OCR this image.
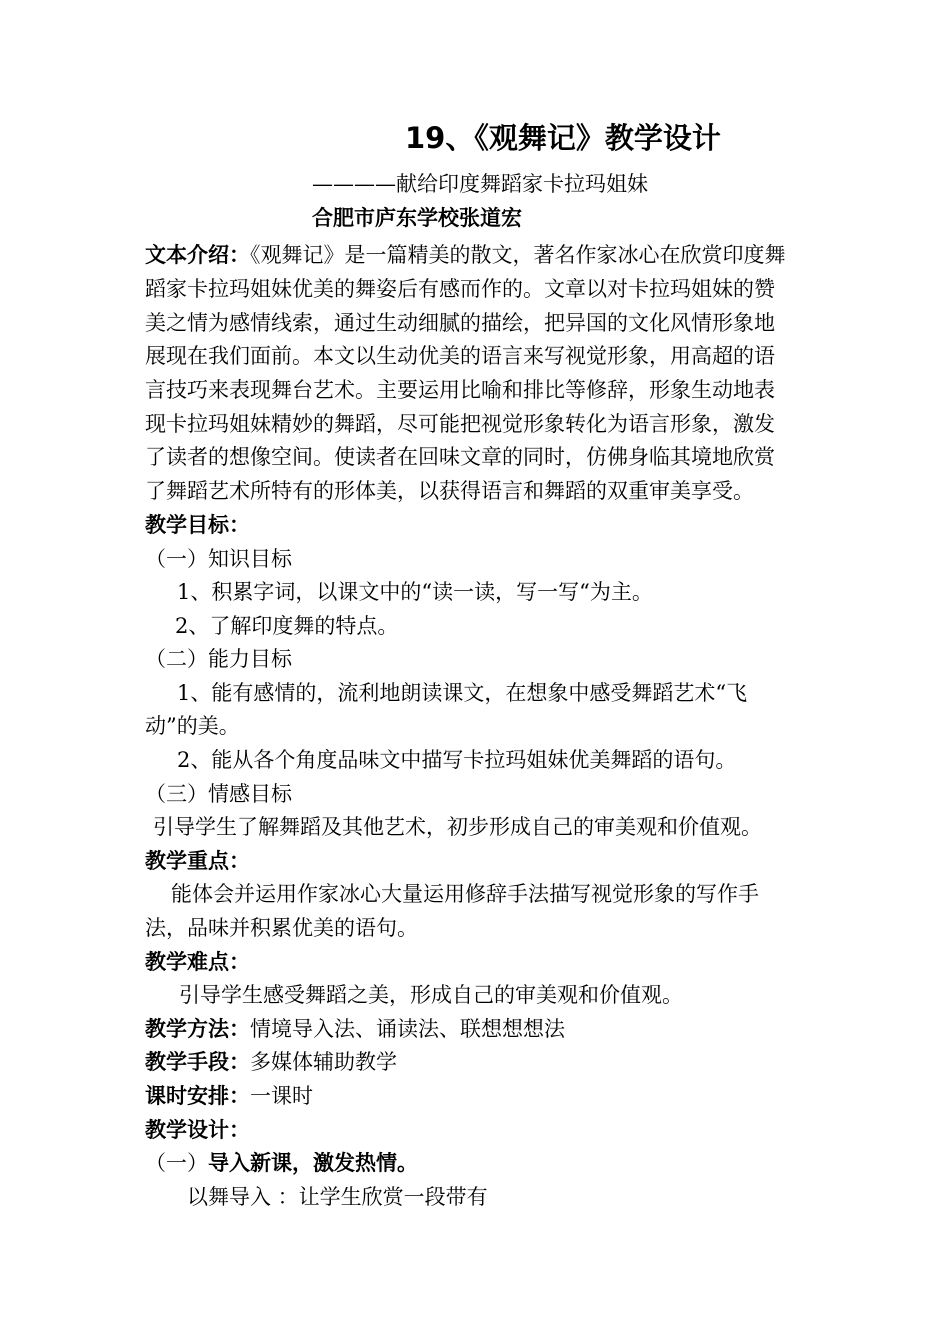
19、《观舞记》教学设计
————献给印度舞蹈家卡拉玛姐妹
合肥市庐东学校张道宏
文本介绍：《观舞记》是一篇精美的散文，著名作家冰心在欣赏印度舞
蹈家卡拉玛姐妹优美的舞姿后有感而作的。文章以对卡拉玛姐妹的赞
美之情为感情线索，通过生动细腻的描绘，把异国的文化风情形象地
展现在我们面前。本文以生动优美的语言来写视觉形象，用高超的语
言技巧来表现舞台艺术。主要运用比喻和排比等修辞，形象生动地表
现卡拉玛姐妹精妙的舞蹈，尽可能把视觉形象转化为语言形象，激发
了读者的想像空间。使读者在回味文章的同时，仿佛身临其境地欣赏
了舞蹈艺术所特有的形体美，以获得语言和舞蹈的双重审美享受。
教学目标：
（一）知识目标
1、积累字词，以课文中的“读一读，写一写“为主。
2、了解印度舞的特点。
（二）能力目标
1、能有感情的，流利地朗读课文，在想象中感受舞蹈艺术“飞
动”的美。
2、能从各个角度品味文中描写卡拉玛姐妹优美舞蹈的语句。
（三）情感目标
引导学生了解舞蹈及其他艺术，初步形成自己的审美观和价值观。
教学重点：
能体会并运用作家冰心大量运用修辞手法描写视觉形象的写作手
法，品味并积累优美的语句。
教学难点：
引导学生感受舞蹈之美，形成自己的审美观和价值观。
教学方法：情境导入法、诵读法、联想想想法
教学手段：多媒体辅助教学
课时安排：一课时
教学设计：
（一）导入新课，激发热情。
以舞导入 ：让学生欣赏一段带有
